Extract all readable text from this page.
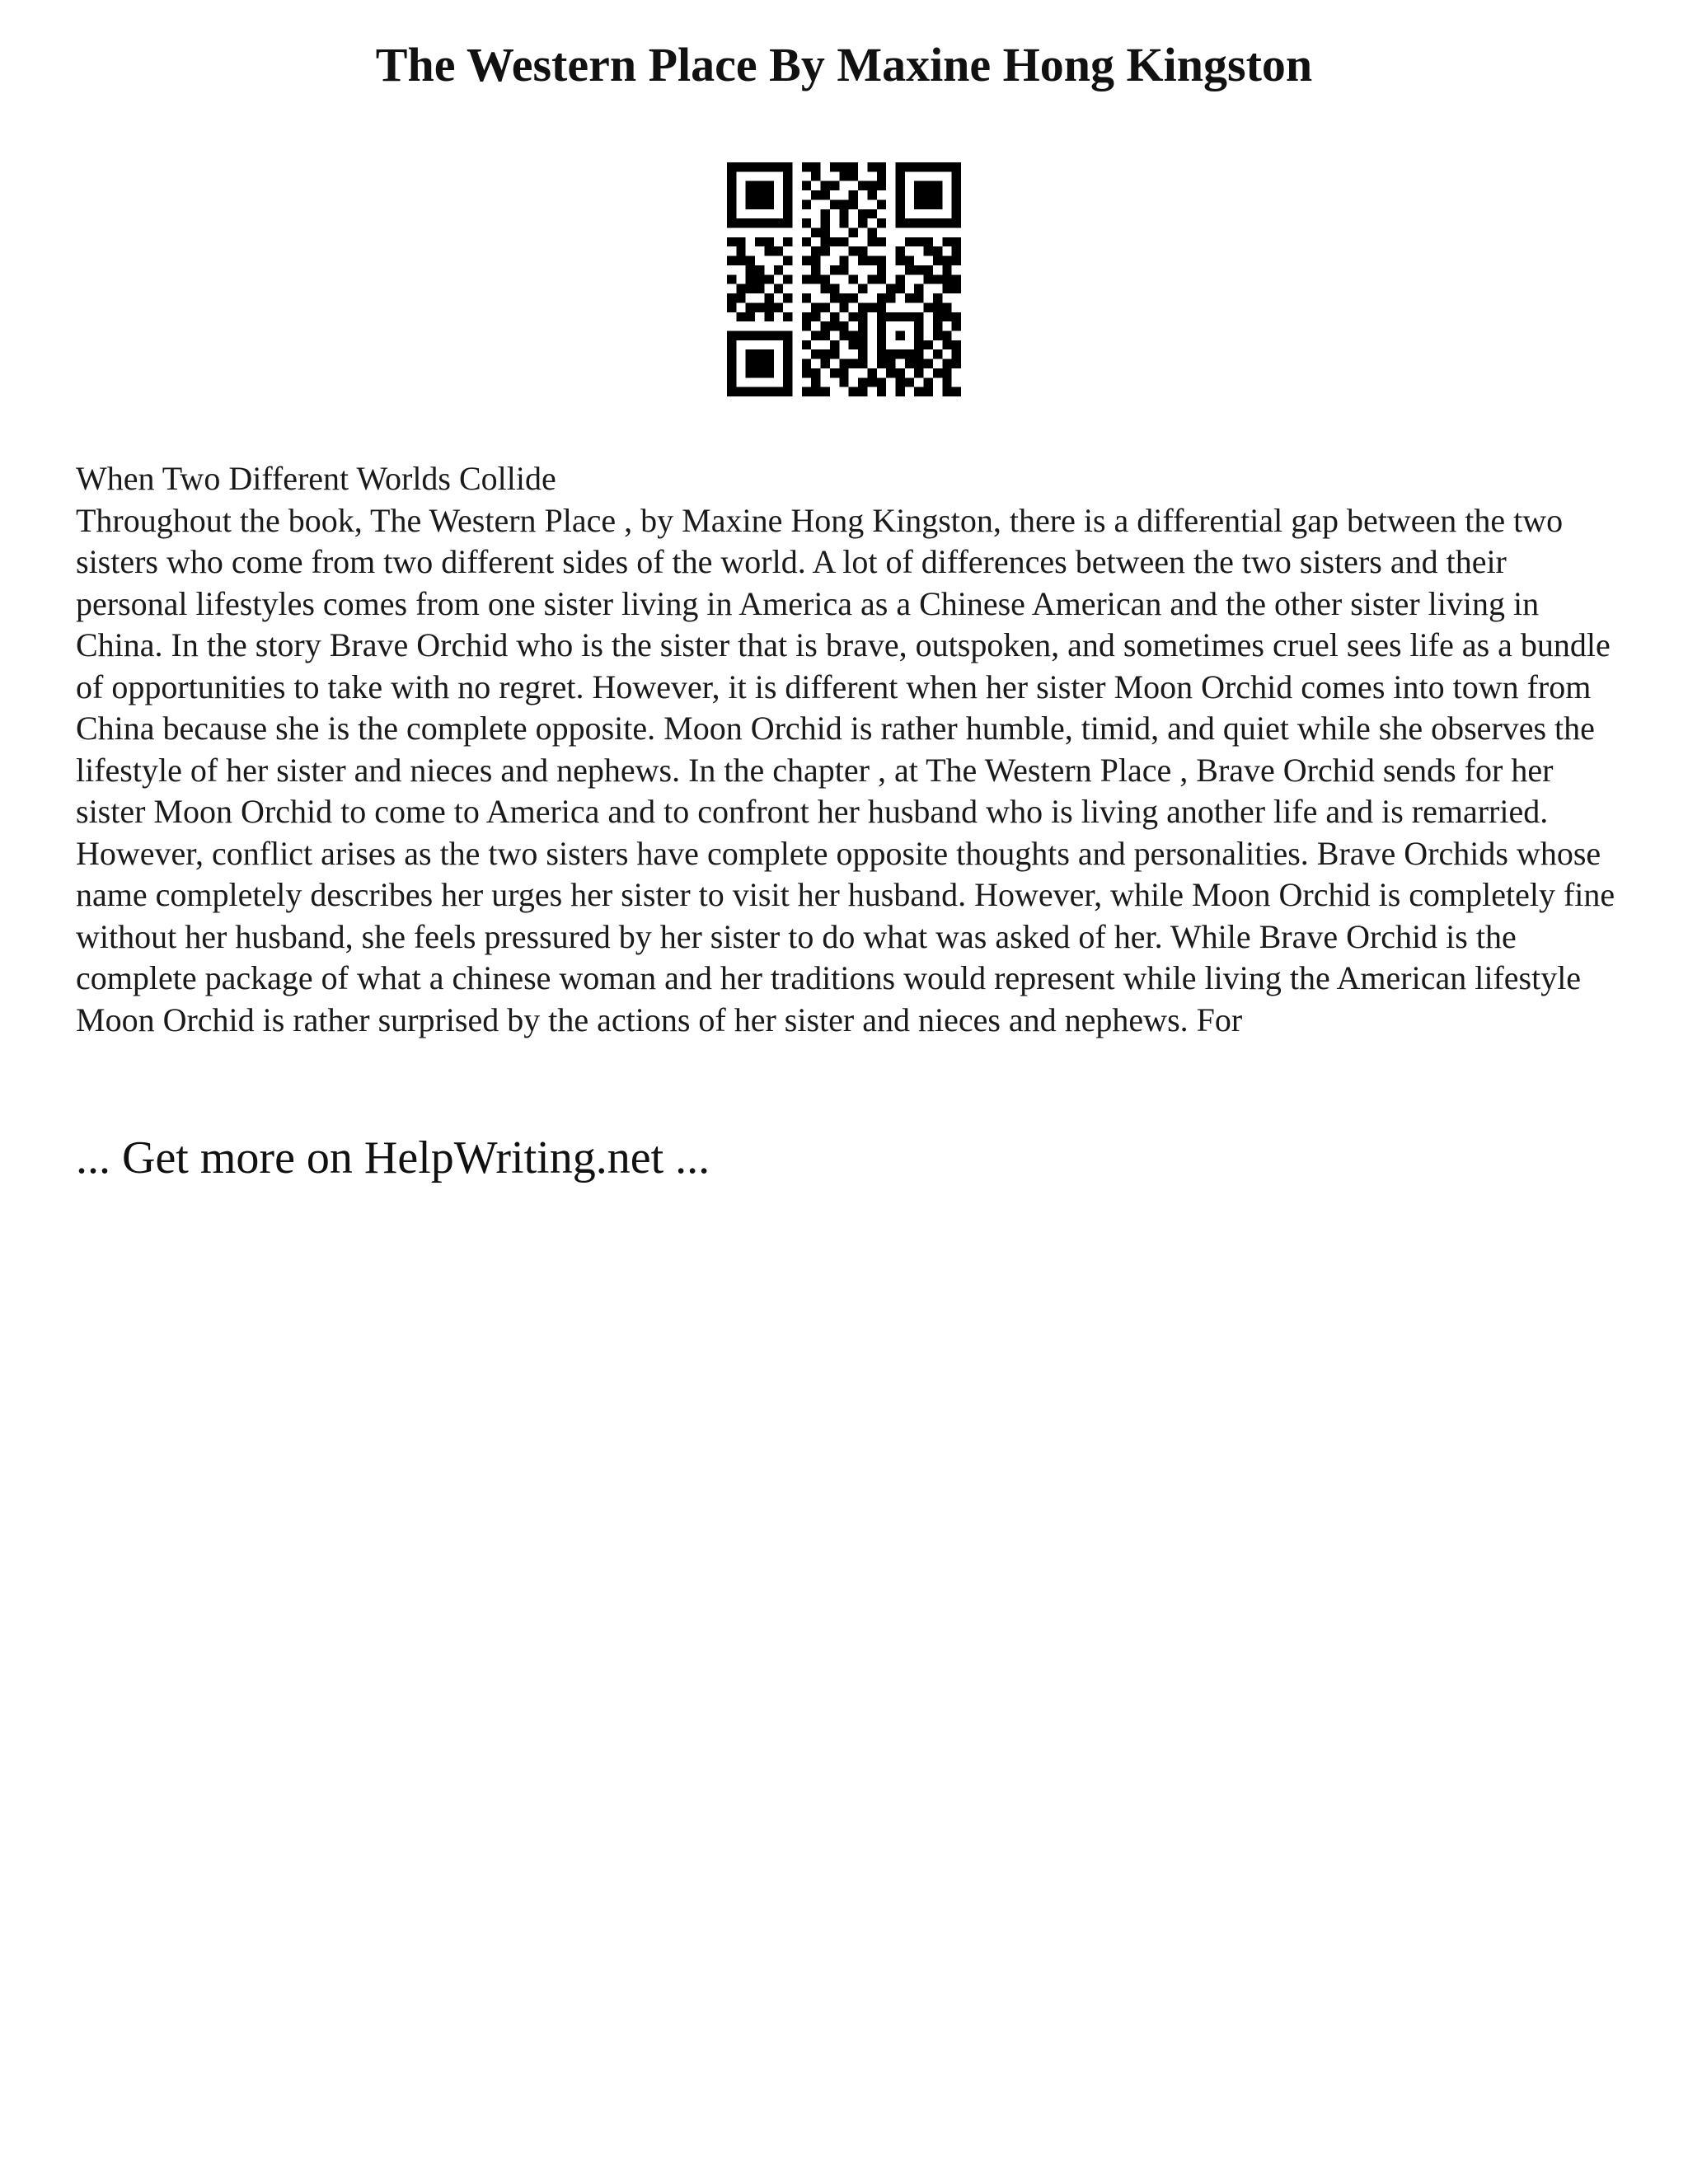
The Western Place By Maxine Hong Kingston

When Two Different Worlds Collide

Throughout the book, The Western Place , by Maxine Hong Kingston, there is a differential gap between the two sisters who come from two different sides of the world. A lot of differences between the two sisters and their personal lifestyles comes from one sister living in America as a Chinese American and the other sister living in China. In the story Brave Orchid who is the sister that is brave, outspoken, and sometimes cruel sees life as a bundle of opportunities to take with no regret. However, it is different when her sister Moon Orchid comes into town from China because she is the complete opposite. Moon Orchid is rather humble, timid, and quiet while she observes the lifestyle of her sister and nieces and nephews. In the chapter , at The Western Place , Brave Orchid sends for her sister Moon Orchid to come to America and to confront her husband who is living another life and is remarried. However, conflict arises as the two sisters have complete opposite thoughts and personalities. Brave Orchids whose name completely describes her urges her sister to visit her husband. However, while Moon Orchid is completely fine without her husband, she feels pressured by her sister to do what was asked of her. While Brave Orchid is the complete package of what a chinese woman and her traditions would represent while living the American lifestyle Moon Orchid is rather surprised by the actions of her sister and nieces and nephews. For

... Get more on HelpWriting.net ...
